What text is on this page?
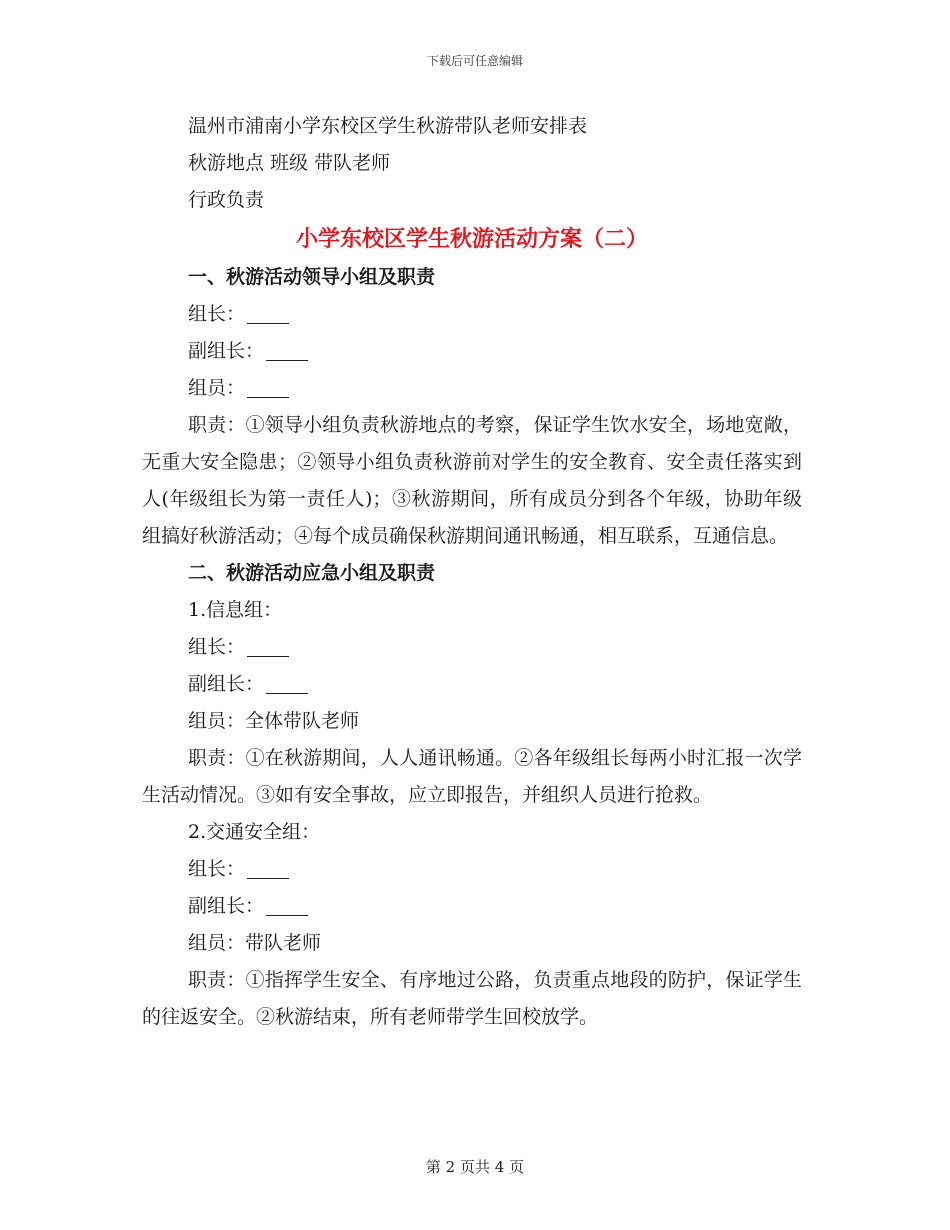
下载后可任意编辑

温州市浦南小学东校区学生秋游带队老师安排表

秋游地点 班级 带队老师

行政负责

小学东校区学生秋游活动方案（二）

一、秋游活动领导小组及职责

组长：

副组长：

组员：

职责：①领导小组负责秋游地点的考察，保证学生饮水安全，场地宽敞，无重大安全隐患；②领导小组负责秋游前对学生的安全教育、安全责任落实到人(年级组长为第一责任人)；③秋游期间，所有成员分到各个年级，协助年级组搞好秋游活动；④每个成员确保秋游期间通讯畅通，相互联系，互通信息。

二、秋游活动应急小组及职责

1.信息组：

组长：

副组长：

组员：全体带队老师

职责：①在秋游期间，人人通讯畅通。②各年级组长每两小时汇报一次学生活动情况。③如有安全事故，应立即报告，并组织人员进行抢救。

2.交通安全组：

组长：

副组长：

组员：带队老师

职责：①指挥学生安全、有序地过公路，负责重点地段的防护，保证学生的往返安全。②秋游结束，所有老师带学生回校放学。

第 2 页共 4 页
